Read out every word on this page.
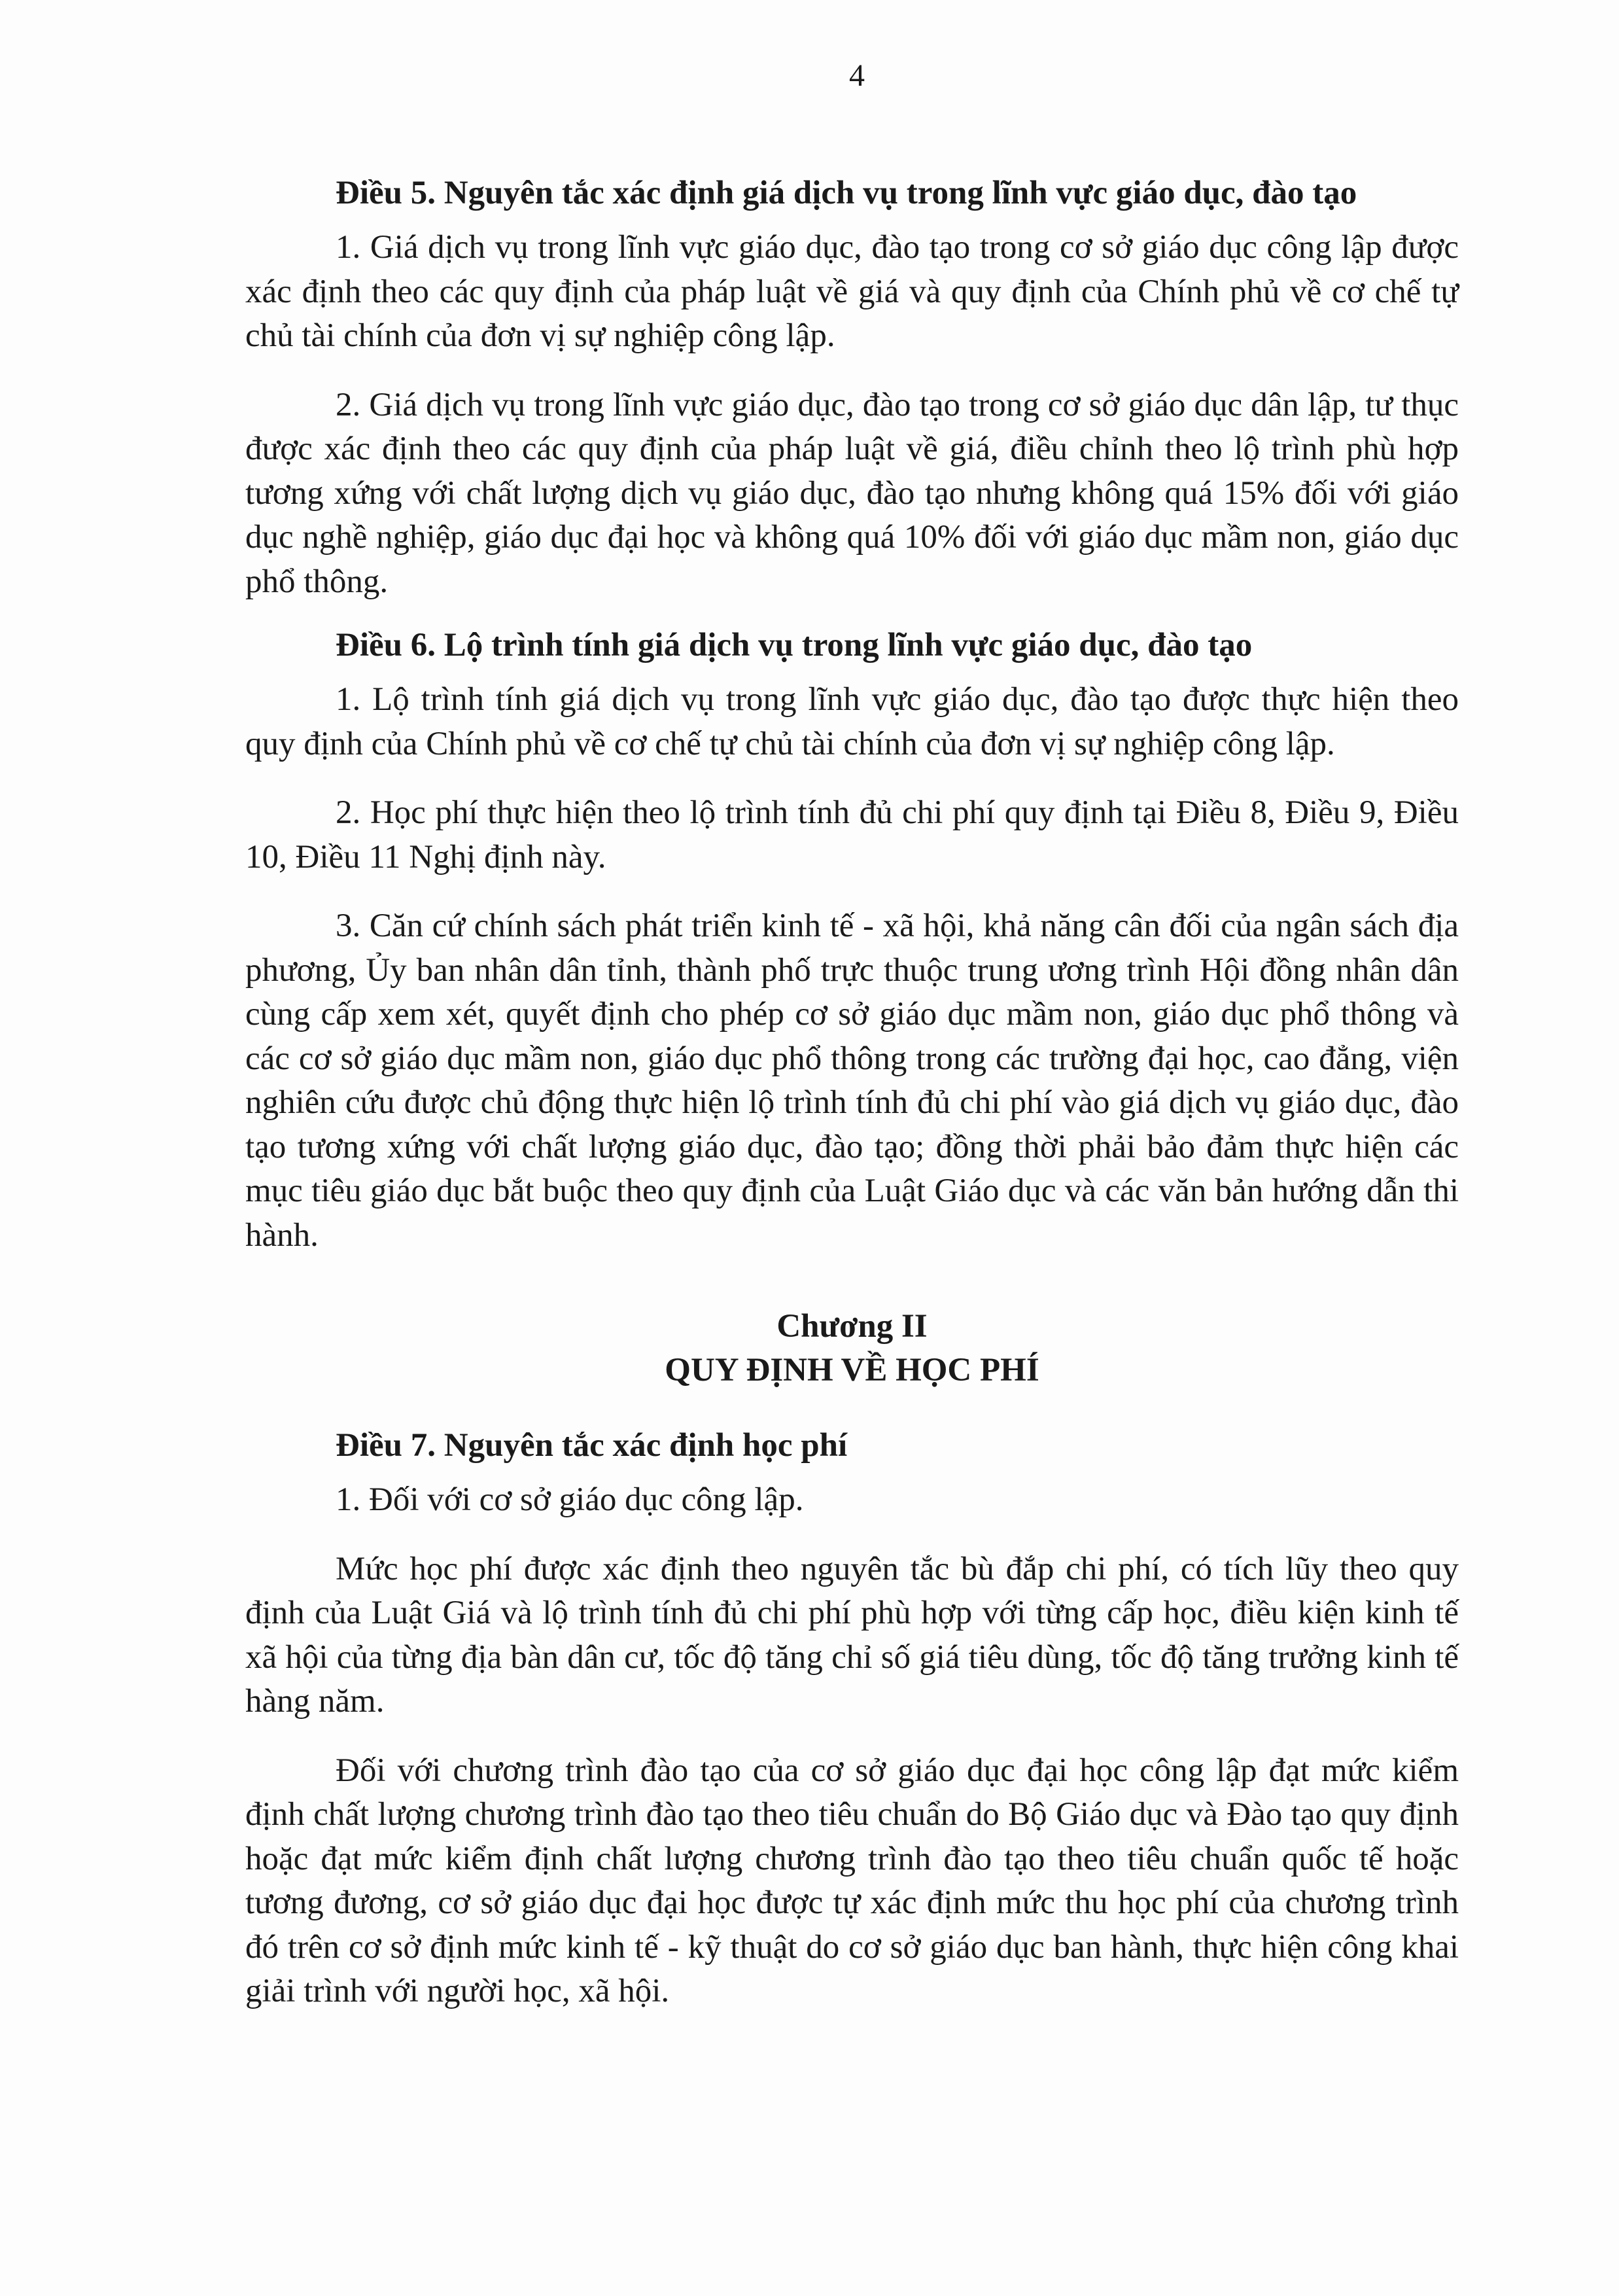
4
Điều 5. Nguyên tắc xác định giá dịch vụ trong lĩnh vực giáo dục, đào tạo

1. Giá dịch vụ trong lĩnh vực giáo dục, đào tạo trong cơ sở giáo dục công lập được xác định theo các quy định của pháp luật về giá và quy định của Chính phủ về cơ chế tự chủ tài chính của đơn vị sự nghiệp công lập.

2. Giá dịch vụ trong lĩnh vực giáo dục, đào tạo trong cơ sở giáo dục dân lập, tư thục được xác định theo các quy định của pháp luật về giá, điều chỉnh theo lộ trình phù hợp tương xứng với chất lượng dịch vụ giáo dục, đào tạo nhưng không quá 15% đối với giáo dục nghề nghiệp, giáo dục đại học và không quá 10% đối với giáo dục mầm non, giáo dục phổ thông.

Điều 6. Lộ trình tính giá dịch vụ trong lĩnh vực giáo dục, đào tạo

1. Lộ trình tính giá dịch vụ trong lĩnh vực giáo dục, đào tạo được thực hiện theo quy định của Chính phủ về cơ chế tự chủ tài chính của đơn vị sự nghiệp công lập.

2. Học phí thực hiện theo lộ trình tính đủ chi phí quy định tại Điều 8, Điều 9, Điều 10, Điều 11 Nghị định này.

3. Căn cứ chính sách phát triển kinh tế - xã hội, khả năng cân đối của ngân sách địa phương, Ủy ban nhân dân tỉnh, thành phố trực thuộc trung ương trình Hội đồng nhân dân cùng cấp xem xét, quyết định cho phép cơ sở giáo dục mầm non, giáo dục phổ thông và các cơ sở giáo dục mầm non, giáo dục phổ thông trong các trường đại học, cao đẳng, viện nghiên cứu được chủ động thực hiện lộ trình tính đủ chi phí vào giá dịch vụ giáo dục, đào tạo tương xứng với chất lượng giáo dục, đào tạo; đồng thời phải bảo đảm thực hiện các mục tiêu giáo dục bắt buộc theo quy định của Luật Giáo dục và các văn bản hướng dẫn thi hành.

Chương II
QUY ĐỊNH VỀ HỌC PHÍ
Điều 7. Nguyên tắc xác định học phí

1. Đối với cơ sở giáo dục công lập.

Mức học phí được xác định theo nguyên tắc bù đắp chi phí, có tích lũy theo quy định của Luật Giá và lộ trình tính đủ chi phí phù hợp với từng cấp học, điều kiện kinh tế xã hội của từng địa bàn dân cư, tốc độ tăng chỉ số giá tiêu dùng, tốc độ tăng trưởng kinh tế hàng năm.

Đối với chương trình đào tạo của cơ sở giáo dục đại học công lập đạt mức kiểm định chất lượng chương trình đào tạo theo tiêu chuẩn do Bộ Giáo dục và Đào tạo quy định hoặc đạt mức kiểm định chất lượng chương trình đào tạo theo tiêu chuẩn quốc tế hoặc tương đương, cơ sở giáo dục đại học được tự xác định mức thu học phí của chương trình đó trên cơ sở định mức kinh tế - kỹ thuật do cơ sở giáo dục ban hành, thực hiện công khai giải trình với người học, xã hội.
